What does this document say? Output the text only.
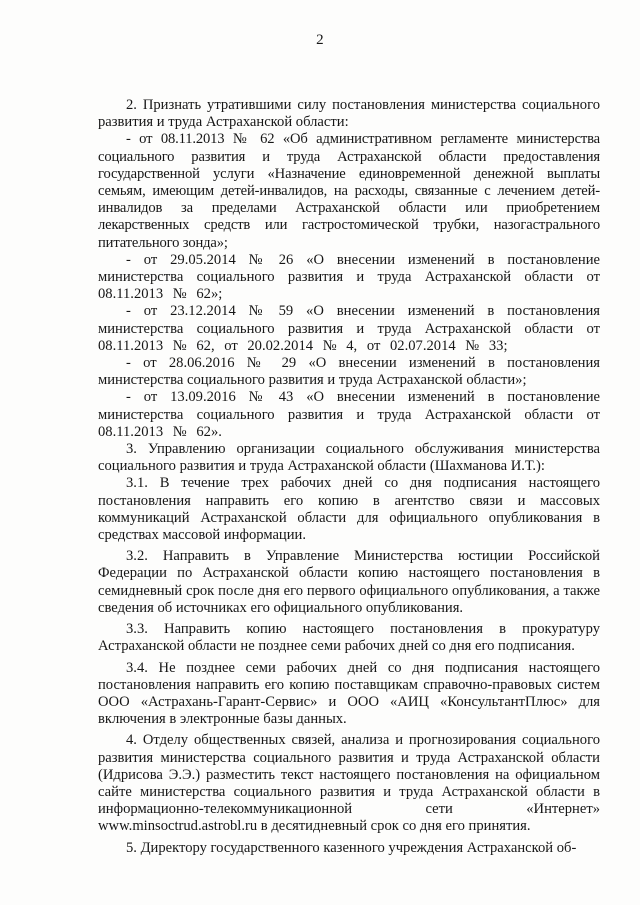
2

2. Признать утратившими силу постановления министерства социального развития и труда Астраханской области:

- от 08.11.2013 № 62 «Об административном регламенте министерства социального развития и труда Астраханской области предоставления государственной услуги «Назначение единовременной денежной выплаты семьям, имеющим детей-инвалидов, на расходы, связанные с лечением детей-инвалидов за пределами Астраханской области или приобретением лекарственных средств или гастростомической трубки, назогастрального питательного зонда»;

- от 29.05.2014 № 26 «О внесении изменений в постановление министерства социального развития и труда Астраханской области от 08.11.2013 № 62»;

- от 23.12.2014 № 59 «О внесении изменений в постановления министерства социального развития и труда Астраханской области от 08.11.2013 № 62, от 20.02.2014 № 4, от 02.07.2014 № 33;

- от 28.06.2016 № 29 «О внесении изменений в постановления министерства социального развития и труда Астраханской области»;

- от 13.09.2016 № 43 «О внесении изменений в постановление министерства социального развития и труда Астраханской области от 08.11.2013 № 62».

3. Управлению организации социального обслуживания министерства социального развития и труда Астраханской области (Шахманова И.Т.):

3.1. В течение трех рабочих дней со дня подписания настоящего постановления направить его копию в агентство связи и массовых коммуникаций Астраханской области для официального опубликования в средствах массовой информации.

3.2. Направить в Управление Министерства юстиции Российской Федерации по Астраханской области копию настоящего постановления в семидневный срок после дня его первого официального опубликования, а также сведения об источниках его официального опубликования.

3.3. Направить копию настоящего постановления в прокуратуру Астраханской области не позднее семи рабочих дней со дня его подписания.

3.4. Не позднее семи рабочих дней со дня подписания настоящего постановления направить его копию поставщикам справочно-правовых систем ООО «Астрахань-Гарант-Сервис» и ООО «АИЦ «КонсультантПлюс» для включения в электронные базы данных.

4. Отделу общественных связей, анализа и прогнозирования социального развития министерства социального развития и труда Астраханской области (Идрисова Э.Э.) разместить текст настоящего постановления на официальном сайте министерства социального развития и труда Астраханской области в информационно-телекоммуникационной сети «Интернет» www.minsoctrud.astrobl.ru в десятидневный срок со дня его принятия.

5. Директору государственного казенного учреждения Астраханской об-
